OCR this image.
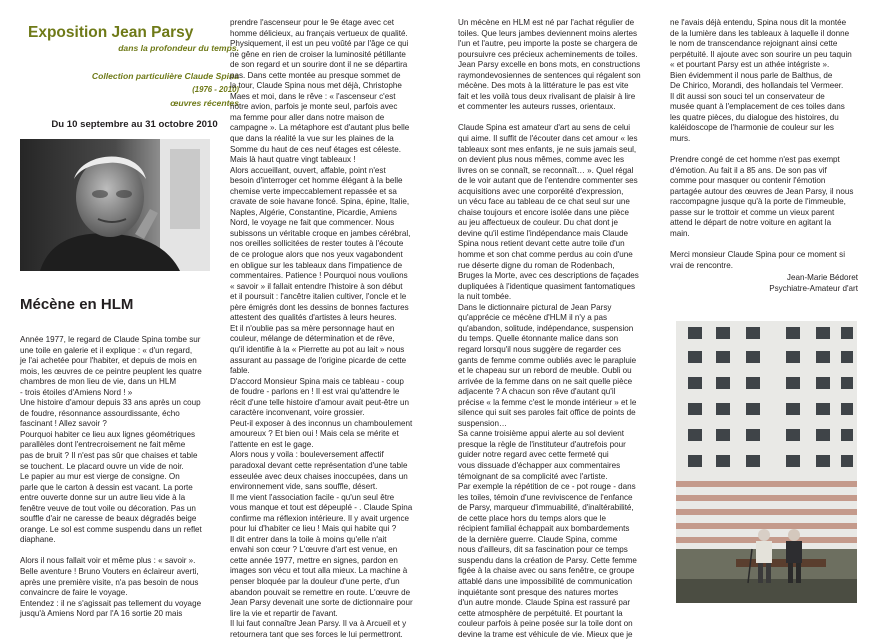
Exposition Jean Parsy
dans la profondeur du temps.
Collection particulière Claude Spina
(1976 - 2010)
œuvres récentes
Du 10 septembre au 31 octobre 2010
Mécène en HLM

Année 1977, le regard de Claude Spina tombe sur
une toile en galerie et il explique : « d'un regard,
je l'ai achetée pour l'habiter, et depuis de mois en
mois, les œuvres de ce peintre peuplent les quatre
chambres de mon lieu de vie, dans un HLM
- trois étoiles d'Amiens Nord ! »
Une histoire d'amour depuis 33 ans après un coup
de foudre, résonnance assourdissante, écho
fascinant ! Allez savoir ?
Pourquoi habiter ce lieu aux lignes géométriques
parallèles dont l'entrecroisement ne fait même
pas de bruit ? Il n'est pas sûr que chaises et table
se touchent. Le placard ouvre un vide de noir.
Le papier au mur est vierge de consigne. On
parle que le carton à dessin est vacant. La porte
entre ouverte donne sur un autre lieu vide à la
fenêtre veuve de tout voile ou décoration. Pas un
souffle d'air ne caresse de beaux dégradés beige
orange. Le sol est comme suspendu dans un reflet
diaphane.

Alors il nous fallait voir et même plus : « savoir ».
Belle aventure ! Bruno Vouters en éclaireur averti,
après une première visite, n'a pas besoin de nous
convaincre de faire le voyage.
Entendez : il ne s'agissait pas tellement du voyage
jusqu'à Amiens Nord par l'A 16 sortie 20 mais

prendre l'ascenseur pour le 9e étage avec cet
homme délicieux, au français vertueux de qualité.
Physiquement, il est un peu voûté par l'âge ce qui
ne gêne en rien de croiser la luminosité pétillante
de son regard et un sourire dont il ne se départira
pas. Dans cette montée au presque sommet de
la tour, Claude Spina nous met déjà, Christophe
Maes et moi, dans le rêve : « l'ascenseur c'est
notre avion, parfois je monte seul, parfois avec
ma femme pour aller dans notre maison de
campagne ». La métaphore est d'autant plus belle
que dans la réalité la vue sur les plaines de la
Somme du haut de ces neuf étages est céleste.
Mais là haut quatre vingt tableaux !
Alors accueillant, ouvert, affable, point n'est
besoin d'interroger cet homme élégant à la belle
chemise verte impeccablement repassée et sa
cravate de soie havane foncé. Spina, épine, Italie,
Naples, Algérie, Constantine, Picardie, Amiens
Nord, le voyage ne fait que commencer. Nous
subissons un véritable croque en jambes cérébral,
nos oreilles sollicitées de rester toutes à l'écoute
de ce prologue alors que nos yeux vagabondent
en obligue sur les tableaux dans l'impatience de
commentaires. Patience ! Pourquoi nous voulions
« savoir » il fallait entendre l'histoire à son début
et il poursuit : l'ancêtre italien cultiver, l'oncle et le
père émigrés dont les dessins de bonnes factures
attestent des qualités d'artistes à leurs heures.
Et il n'oublie pas sa mère personnage haut en
couleur, mélange de détermination et de rêve,
qu'il identifie à la « Pierrette au pot au lait » nous
assurant au passage de l'origine picarde de cette
fable.
D'accord Monsieur Spina mais ce tableau - coup
de foudre - parlons en ! Il est vrai qu'attendre le
récit d'une telle histoire d'amour avait peut-être un
caractère inconvenant, voire grossier.
Peut-il exposer à des inconnus un chambouIement
amoureux ? Et bien oui ! Mais cela se mérite et
l'attente en est le gage.
Alors nous y voila : bouleversement affectif
paradoxal devant cette représentation d'une table
esseulée avec deux chaises inoccupées, dans un
environnement vide, sans souffle, désert.
Il me vient l'association facile - qu'un seul être
vous manque et tout est dépeuplé - . Claude Spina
confirme ma réflexion intérieure. Il y avait urgence
pour lui d'habiter ce lieu ! Mais qui habite qui ?
Il dit entrer dans la toile à moins qu'elle n'ait
envahi son cœur ? L'œuvre d'art est venue, en
cette année 1977, mettre en signes, pardon en
images son vécu et tout alla mieux. La machine à
penser bloquée par la douleur d'une perte, d'un
abandon pouvait se remettre en route. L'œuvre de
Jean Parsy devenait une sorte de dictionnaire pour
lire la vie et repartir de l'avant.
Il lui faut connaître Jean Parsy. Il va à Arcueil et y
retournera tant que ses forces le lui permettront.

Un mécène en HLM est né par l'achat régulier de
toiles. Que leurs jambes deviennent moins alertes
l'un et l'autre, peu importe la poste se chargera de
poursuivre ces précieux acheminements de toiles.
Jean Parsy excelle en bons mots, en constructions
raymondevosiennes de sentences qui régalent son
mécène. Des mots à la littérature le pas est vite
fait et les voilà tous deux rivalisant de plaisir à lire
et commenter les auteurs russes, orientaux.

Claude Spina est amateur d'art au sens de celui
qui aime. Il suffit de l'écouter dans cet amour « les
tableaux sont mes enfants, je ne suis jamais seul,
on devient plus nous mêmes, comme avec les
livres on se connaît, se reconnaît… ». Quel régal
de le voir autant que de l'entendre commenter ses
acquisitions avec une corporéité d'expression,
un vécu face au tableau de ce chat seul sur une
chaise toujours et encore isolée dans une pièce
au jeu affectueux de couleur. Du chat dont je
devine qu'il estime l'indépendance mais Claude
Spina nous retient devant cette autre toile d'un
homme et son chat comme perdus au coin d'une
rue déserte digne du roman de Rodenbach,
Bruges la Morte, avec ces descriptions de façades
dupliquées à l'identique quasiment fantomatiques
la nuit tombée.
Dans le dictionnaire pictural de Jean Parsy
qu'apprécie ce mécène d'HLM il n'y a pas
qu'abandon, solitude, indépendance, suspension
du temps. Quelle étonnante malice dans son
regard lorsqu'il nous suggère de regarder ces
gants de femme comme oubliés avec le parapluie
et le chapeau sur un rebord de meuble. Oubli ou
arrivée de la femme dans on ne sait quelle pièce
adjacente ? A chacun son rêve d'autant qu'il
précise « la femme c'est le monde intérieur » et le
silence qui suit ses paroles fait office de points de
suspension…
Sa canne troisième appui alerte au sol devient
presque la règle de l'instituteur d'autrefois pour
guider notre regard avec cette fermeté qui
vous dissuade d'échapper aux commentaires
témoignant de sa complicité avec l'artiste.
Par exemple la répétition de ce - pot rouge - dans
les toiles, témoin d'une reviviscence de l'enfance
de Parsy, marqueur d'immuabilité, d'inaltérabilité,
de cette place hors du temps alors que le
récipient familial échappait aux bombardements
de la dernière guerre. Claude Spina, comme
nous d'ailleurs, dit sa fascination pour ce temps
suspendu dans la création de Parsy. Cette femme
figée à la chaise avec ou sans fenêtre, ce groupe
attablé dans une impossibilité de communication
inquiétante sont presque des natures mortes
d'un autre monde. Claude Spina est rassuré par
cette atmosphère de perpétuité. Et pourtant la
couleur parfois à peine posée sur la toile dont on
devine la trame est véhicule de vie. Mieux que je

ne l'avais déjà entendu, Spina nous dit la montée
de la lumière dans les tableaux à laquelle il donne
le nom de transcendance rejoignant ainsi cette
perpétuité. Il ajoute avec son sourire un peu taquin
« et pourtant Parsy est un athée intégriste ».
Bien évidemment il nous parle de Balthus, de
De Chirico, Morandi, des hollandais tel Vermeer.
Il dit aussi son souci tel un conservateur de
musée quant à l'emplacement de ces toiles dans
les quatre pièces, du dialogue des histoires, du
kaléidoscope de l'harmonie de couleur sur les
murs.

Prendre congé de cet homme n'est pas exempt
d'émotion. Au fait il a 85 ans. De son pas vif
comme pour masquer ou contenir l'émotion
partagée autour des œuvres de Jean Parsy, il nous
raccompagne jusque qu'à la porte de l'immeuble,
passe sur le trottoir et comme un vieux parent
attend le départ de notre voiture en agitant la
main.

Merci monsieur Claude Spina pour ce moment si
vrai de rencontre.

Jean-Marie Bédoret
Psychiatre-Amateur d'art
